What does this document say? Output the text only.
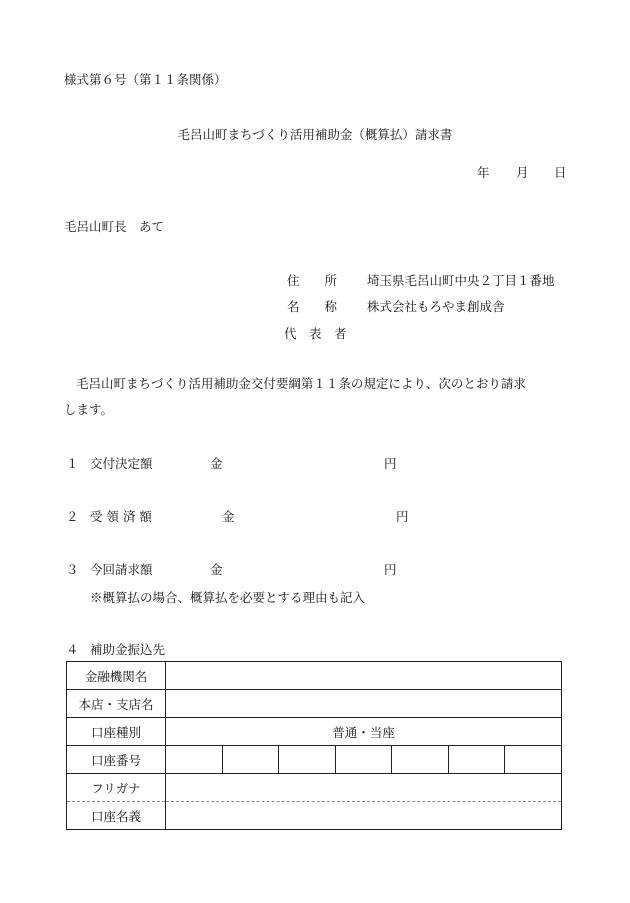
様式第６号（第１１条関係）
毛呂山町まちづくり活用補助金（概算払）請求書
年 月 日
毛呂山町長　あて
住　　所 埼玉県毛呂山町中央２丁目１番地
名　　称 株式会社もろやま創成舎
代　表　者
毛呂山町まちづくり活用補助金交付要綱第１１条の規定により、次のとおり請求
します。
１ 交付決定額	金	円
２ 受 領 済 額	金	円
３ 今回請求額	金	円
※概算払の場合、概算払を必要とする理由も記入
４ 補助金振込先
金融機関名	
本店・支店名	
口座種別	普通・当座
口座番号	

フリガナ	
口座名義	
